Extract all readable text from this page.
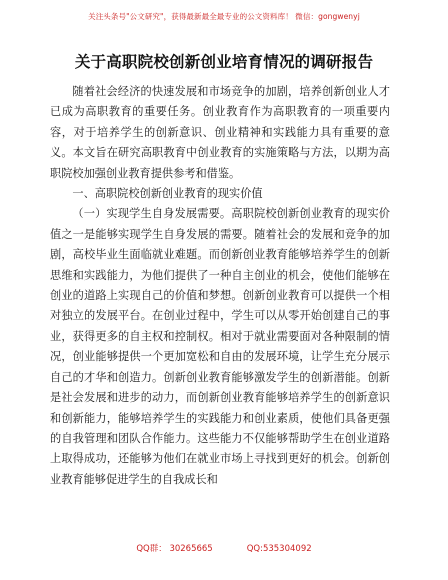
关注头条号"公文研究"，获得最新最全最专业的公文资料库！ 微信：gongwenyj
关于高职院校创新创业培育情况的调研报告

随着社会经济的快速发展和市场竞争的加剧，培养创新创业人才已成为高职教育的重要任务。创业教育作为高职教育的一项重要内容，对于培养学生的创新意识、创业精神和实践能力具有重要的意义。本文旨在研究高职教育中创业教育的实施策略与方法，以期为高职院校加强创业教育提供参考和借鉴。

一、高职院校创新创业教育的现实价值

（一）实现学生自身发展需要。高职院校创新创业教育的现实价值之一是能够实现学生自身发展的需要。随着社会的发展和竞争的加剧，高校毕业生面临就业难题。而创新创业教育能够培养学生的创新思维和实践能力，为他们提供了一种自主创业的机会，使他们能够在创业的道路上实现自己的价值和梦想。创新创业教育可以提供一个相对独立的发展平台。在创业过程中，学生可以从零开始创建自己的事业，获得更多的自主权和控制权。相对于就业需要面对各种限制的情况，创业能够提供一个更加宽松和自由的发展环境，让学生充分展示自己的才华和创造力。创新创业教育能够激发学生的创新潜能。创新是社会发展和进步的动力，而创新创业教育能够培养学生的创新意识和创新能力，能够培养学生的实践能力和创业素质，使他们具备更强的自我管理和团队合作能力。这些能力不仅能够帮助学生在创业道路上取得成功，还能够为他们在就业市场上寻找到更好的机会。创新创业教育能够促进学生的自我成长和

QQ群： 30265665	QQ:535304092
